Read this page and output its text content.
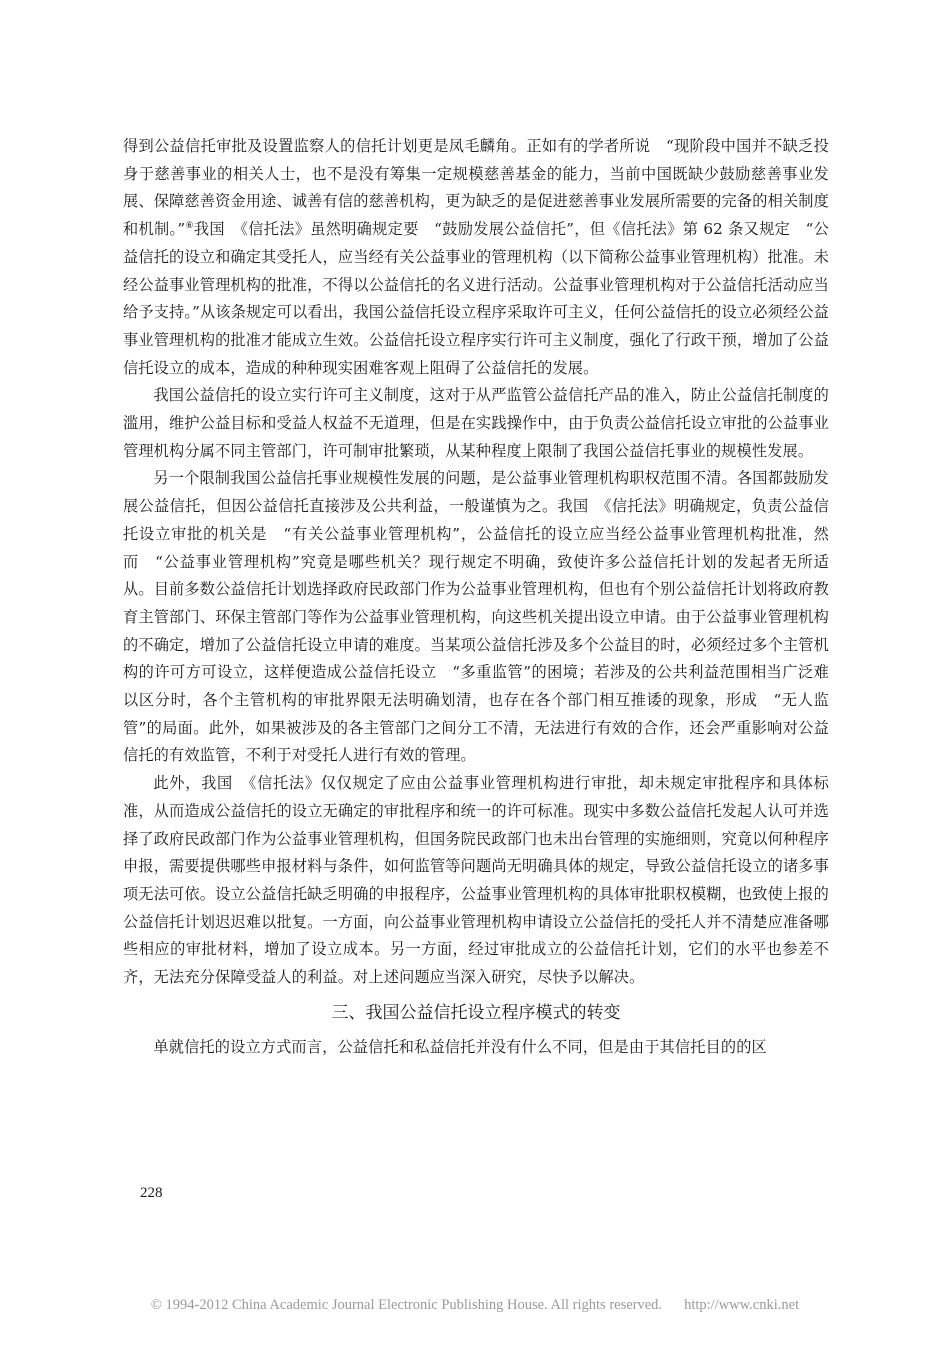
得到公益信托审批及设置监察人的信托计划更是凤毛麟角。正如有的学者所说　“现阶段中国并不缺乏投身于慈善事业的相关人士，也不是没有筹集一定规模慈善基金的能力，当前中国既缺少鼓励慈善事业发展、保障慈善资金用途、诚善有信的慈善机构，更为缺乏的是促进慈善事业发展所需要的完备的相关制度和机制。”⑥我国　《信托法》虽然明确规定要　“鼓励发展公益信托”，但《信托法》第 62 条又规定　“公益信托的设立和确定其受托人，应当经有关公益事业的管理机构（以下简称公益事业管理机构）批准。未经公益事业管理机构的批准，不得以公益信托的名义进行活动。公益事业管理机构对于公益信托活动应当给予支持。”从该条规定可以看出，我国公益信托设立程序采取许可主义，任何公益信托的设立必须经公益事业管理机构的批准才能成立生效。公益信托设立程序实行许可主义制度，强化了行政干预，增加了公益信托设立的成本，造成的种种现实困难客观上阻碍了公益信托的发展。

我国公益信托的设立实行许可主义制度，这对于从严监管公益信托产品的准入，防止公益信托制度的滥用，维护公益目标和受益人权益不无道理，但是在实践操作中，由于负责公益信托设立审批的公益事业管理机构分属不同主管部门，许可制审批繁琐，从某种程度上限制了我国公益信托事业的规模性发展。

另一个限制我国公益信托事业规模性发展的问题，是公益事业管理机构职权范围不清。各国都鼓励发展公益信托，但因公益信托直接涉及公共利益，一般谨慎为之。我国　《信托法》明确规定，负责公益信托设立审批的机关是　“有关公益事业管理机构”，公益信托的设立应当经公益事业管理机构批准，然而　“公益事业管理机构”究竟是哪些机关？现行规定不明确，致使许多公益信托计划的发起者无所适从。目前多数公益信托计划选择政府民政部门作为公益事业管理机构，但也有个别公益信托计划将政府教育主管部门、环保主管部门等作为公益事业管理机构，向这些机关提出设立申请。由于公益事业管理机构的不确定，增加了公益信托设立申请的难度。当某项公益信托涉及多个公益目的时，必须经过多个主管机构的许可方可设立，这样便造成公益信托设立　“多重监管”的困境；若涉及的公共利益范围相当广泛难以区分时，各个主管机构的审批界限无法明确划清，也存在各个部门相互推诿的现象，形成　“无人监管”的局面。此外，如果被涉及的各主管部门之间分工不清，无法进行有效的合作，还会严重影响对公益信托的有效监管，不利于对受托人进行有效的管理。

此外，我国　《信托法》仅仅规定了应由公益事业管理机构进行审批，却未规定审批程序和具体标准，从而造成公益信托的设立无确定的审批程序和统一的许可标准。现实中多数公益信托发起人认可并选择了政府民政部门作为公益事业管理机构，但国务院民政部门也未出台管理的实施细则，究竟以何种程序申报，需要提供哪些申报材料与条件，如何监管等问题尚无明确具体的规定，导致公益信托设立的诸多事项无法可依。设立公益信托缺乏明确的申报程序，公益事业管理机构的具体审批职权模糊，也致使上报的公益信托计划迟迟难以批复。一方面，向公益事业管理机构申请设立公益信托的受托人并不清楚应准备哪些相应的审批材料，增加了设立成本。另一方面，经过审批成立的公益信托计划，它们的水平也参差不齐，无法充分保障受益人的利益。对上述问题应当深入研究，尽快予以解决。

三、我国公益信托设立程序模式的转变

单就信托的设立方式而言，公益信托和私益信托并没有什么不同，但是由于其信托目的的区

228
© 1994-2012 China Academic Journal Electronic Publishing House. All rights reserved. http://www.cnki.net
